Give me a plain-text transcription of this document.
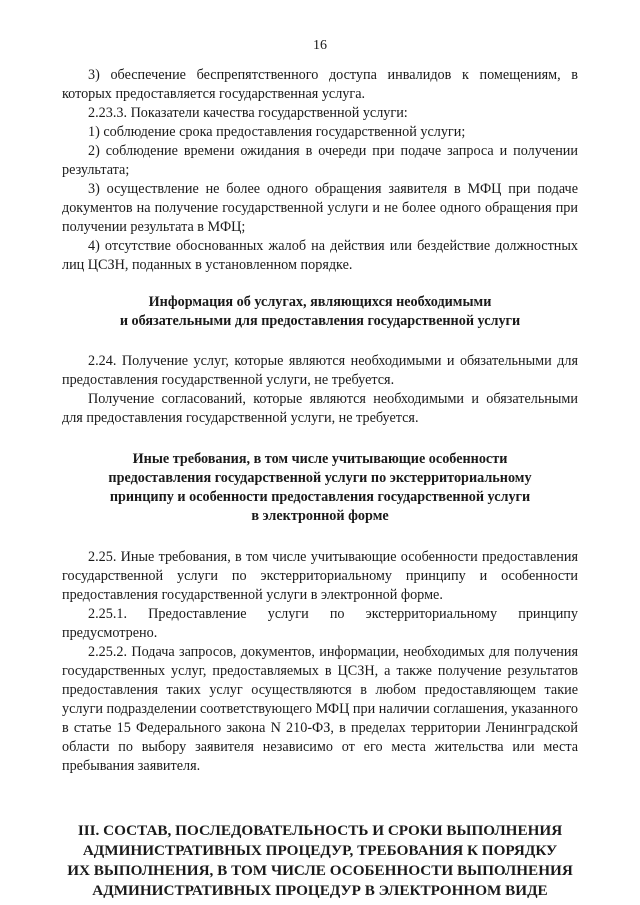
16

3) обеспечение беспрепятственного доступа инвалидов к помещениям, в которых предоставляется государственная услуга.

2.23.3. Показатели качества государственной услуги:

1) соблюдение срока предоставления государственной услуги;

2) соблюдение времени ожидания в очереди при подаче запроса и получении результата;

3) осуществление не более одного обращения заявителя в МФЦ при подаче документов на получение государственной услуги и не более одного обращения при получении результата в МФЦ;

4) отсутствие обоснованных жалоб на действия или бездействие должностных лиц ЦСЗН, поданных в установленном порядке.

Информация об услугах, являющихся необходимыми
и обязательными для предоставления государственной услуги

2.24. Получение услуг, которые являются необходимыми и обязательными для предоставления государственной услуги, не требуется.

Получение согласований, которые являются необходимыми и обязательными для предоставления государственной услуги, не требуется.

Иные требования, в том числе учитывающие особенности
предоставления государственной услуги по экстерриториальному
принципу и особенности предоставления государственной услуги
в электронной форме

2.25. Иные требования, в том числе учитывающие особенности предоставления государственной услуги по экстерриториальному принципу и особенности предоставления государственной услуги в электронной форме.

2.25.1. Предоставление услуги по экстерриториальному принципу предусмотрено.

2.25.2. Подача запросов, документов, информации, необходимых для получения государственных услуг, предоставляемых в ЦСЗН, а также получение результатов предоставления таких услуг осуществляются в любом предоставляющем такие услуги подразделении соответствующего МФЦ при наличии соглашения, указанного в статье 15 Федерального закона N 210-ФЗ, в пределах территории Ленинградской области по выбору заявителя независимо от его места жительства или места пребывания заявителя.

III. СОСТАВ, ПОСЛЕДОВАТЕЛЬНОСТЬ И СРОКИ ВЫПОЛНЕНИЯ
АДМИНИСТРАТИВНЫХ ПРОЦЕДУР, ТРЕБОВАНИЯ К ПОРЯДКУ
ИХ ВЫПОЛНЕНИЯ, В ТОМ ЧИСЛЕ ОСОБЕННОСТИ ВЫПОЛНЕНИЯ
АДМИНИСТРАТИВНЫХ ПРОЦЕДУР В ЭЛЕКТРОННОМ ВИДЕ
